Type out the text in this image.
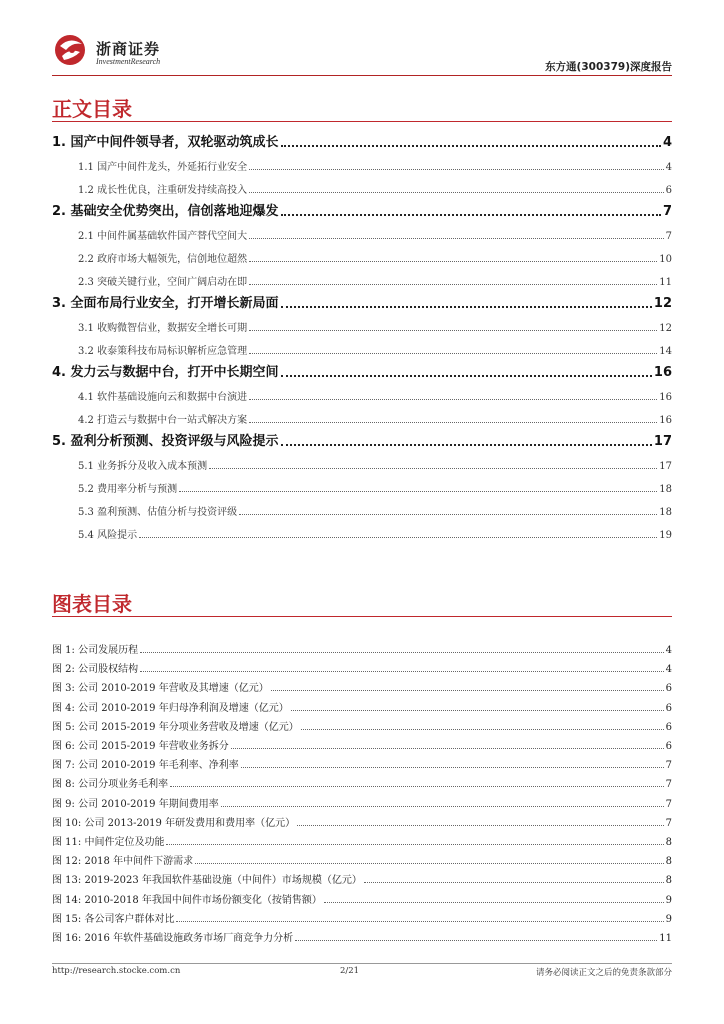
浙商证券
InvestmentResearch	东方通(300379)深度报告
正文目录
1. 国产中间件领导者，双轮驱动筑成长	4
1.1 国产中间件龙头，外延拓行业安全	4
1.2 成长性优良，注重研发持续高投入	6
2. 基础安全优势突出，信创落地迎爆发	7
2.1 中间件属基础软件国产替代空间大	7
2.2 政府市场大幅领先，信创地位超然	10
2.3 突破关键行业，空间广阔启动在即	11
3. 全面布局行业安全，打开增长新局面	12
3.1 收购微智信业，数据安全增长可期	12
3.2 收泰策科技布局标识解析应急管理	14
4. 发力云与数据中台，打开中长期空间	16
4.1 软件基础设施向云和数据中台演进	16
4.2 打造云与数据中台一站式解决方案	16
5. 盈利分析预测、投资评级与风险提示	17
5.1 业务拆分及收入成本预测	17
5.2 费用率分析与预测	18
5.3 盈利预测、估值分析与投资评级	18
5.4 风险提示	19
图表目录
图 1: 公司发展历程	4
图 2: 公司股权结构	4
图 3: 公司 2010-2019 年营收及其增速（亿元）	6
图 4: 公司 2010-2019 年归母净利润及增速（亿元）	6
图 5: 公司 2015-2019 年分项业务营收及增速（亿元）	6
图 6: 公司 2015-2019 年营收业务拆分	6
图 7: 公司 2010-2019 年毛利率、净利率	7
图 8: 公司分项业务毛利率	7
图 9: 公司 2010-2019 年期间费用率	7
图 10: 公司 2013-2019 年研发费用和费用率（亿元）	7
图 11: 中间件定位及功能	8
图 12: 2018 年中间件下游需求	8
图 13: 2019-2023 年我国软件基础设施（中间件）市场规模（亿元）	8
图 14: 2010-2018 年我国中间件市场份额变化（按销售额）	9
图 15: 各公司客户群体对比	9
图 16: 2016 年软件基础设施政务市场厂商竞争力分析	11
http://research.stocke.com.cn	2/21	请务必阅读正文之后的免责条款部分
